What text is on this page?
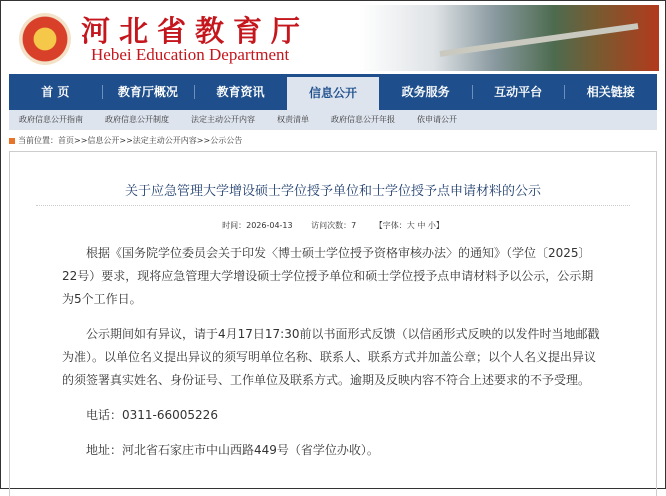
河北省教育厅
Hebei Education Department
首 页	教育厅概况	教育资讯	信息公开	政务服务	互动平台	相关链接
政府信息公开指南	政府信息公开制度	法定主动公开内容	权责清单	政府信息公开年报	依申请公开
当前位置：首页>>信息公开>>法定主动公开内容>>公示公告
关于应急管理大学增设硕士学位授予单位和士学位授予点申请材料的公示
时间：2026-04-13 访问次数：7 【字体：大 中 小】

根据《国务院学位委员会关于印发〈博士硕士学位授予资格审核办法〉的通知》（学位〔2025〕22号）要求，现将应急管理大学增设硕士学位授予单位和硕士学位授予点申请材料予以公示，公示期为5个工作日。

公示期间如有异议，请于4月17日17:30前以书面形式反馈（以信函形式反映的以发件时当地邮戳为准）。以单位名义提出异议的须写明单位名称、联系人、联系方式并加盖公章；以个人名义提出异议的须签署真实姓名、身份证号、工作单位及联系方式。逾期及反映内容不符合上述要求的不予受理。

电话：0311-66005226

地址：河北省石家庄市中山西路449号（省学位办收）。
